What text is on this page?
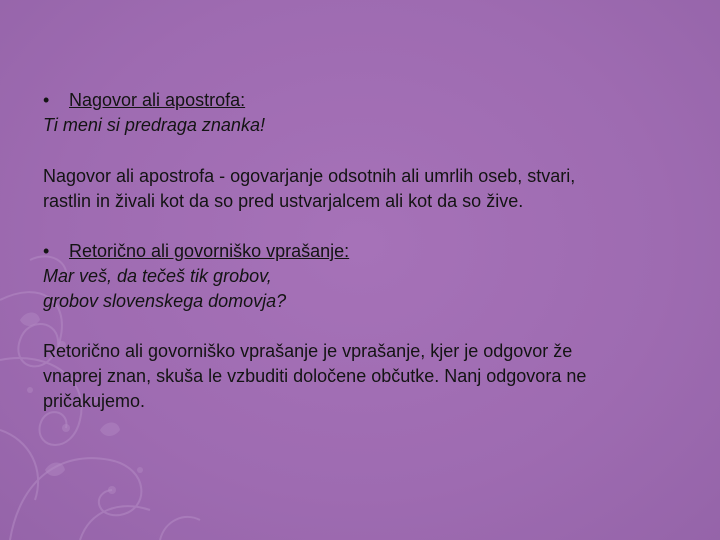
•	Nagovor ali apostrofa:
Ti meni si predraga znanka!
Nagovor ali apostrofa - ogovarjanje odsotnih ali umrlih oseb, stvari,
rastlin in živali kot da so pred ustvarjalcem ali kot da so žive.
•	Retorično ali govorniško vprašanje:
Mar veš, da tečeš tik grobov,
grobov slovenskega domovja?
Retorično ali govorniško vprašanje je vprašanje, kjer je odgovor že
vnaprej znan, skuša le vzbuditi določene občutke. Nanj odgovora ne
pričakujemo.
